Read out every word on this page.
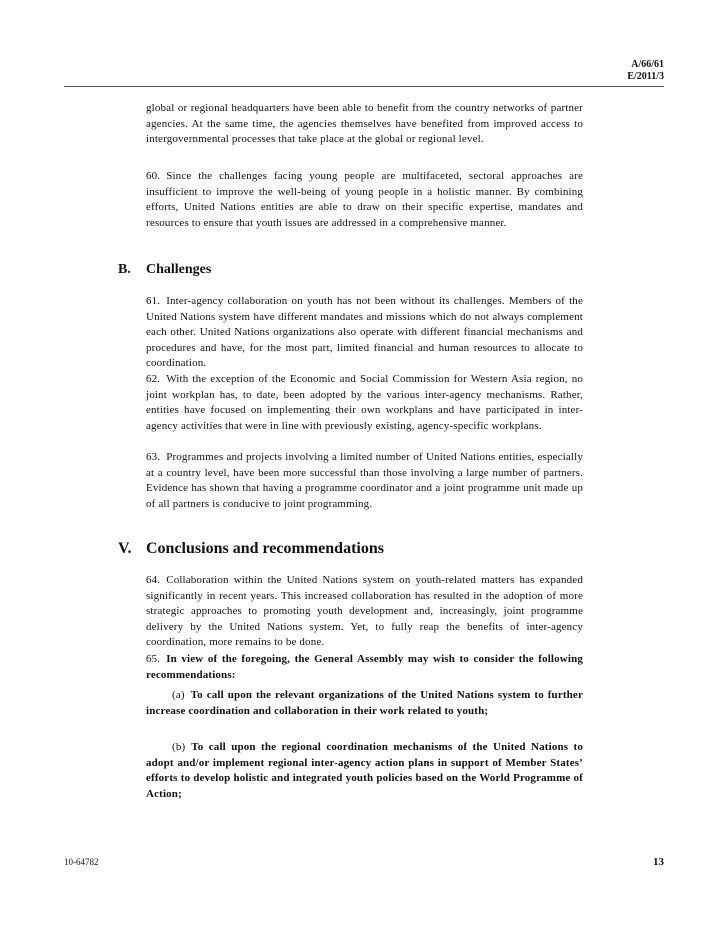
A/66/61
E/2011/3

global or regional headquarters have been able to benefit from the country networks of partner agencies. At the same time, the agencies themselves have benefited from improved access to intergovernmental processes that take place at the global or regional level.

60. Since the challenges facing young people are multifaceted, sectoral approaches are insufficient to improve the well-being of young people in a holistic manner. By combining efforts, United Nations entities are able to draw on their specific expertise, mandates and resources to ensure that youth issues are addressed in a comprehensive manner.

B. Challenges

61. Inter-agency collaboration on youth has not been without its challenges. Members of the United Nations system have different mandates and missions which do not always complement each other. United Nations organizations also operate with different financial mechanisms and procedures and have, for the most part, limited financial and human resources to allocate to coordination.

62. With the exception of the Economic and Social Commission for Western Asia region, no joint workplan has, to date, been adopted by the various inter-agency mechanisms. Rather, entities have focused on implementing their own workplans and have participated in inter-agency activities that were in line with previously existing, agency-specific workplans.

63. Programmes and projects involving a limited number of United Nations entities, especially at a country level, have been more successful than those involving a large number of partners. Evidence has shown that having a programme coordinator and a joint programme unit made up of all partners is conducive to joint programming.

V. Conclusions and recommendations

64. Collaboration within the United Nations system on youth-related matters has expanded significantly in recent years. This increased collaboration has resulted in the adoption of more strategic approaches to promoting youth development and, increasingly, joint programme delivery by the United Nations system. Yet, to fully reap the benefits of inter-agency coordination, more remains to be done.

65. In view of the foregoing, the General Assembly may wish to consider the following recommendations:

(a) To call upon the relevant organizations of the United Nations system to further increase coordination and collaboration in their work related to youth;

(b) To call upon the regional coordination mechanisms of the United Nations to adopt and/or implement regional inter-agency action plans in support of Member States’ efforts to develop holistic and integrated youth policies based on the World Programme of Action;

10-64782	13
